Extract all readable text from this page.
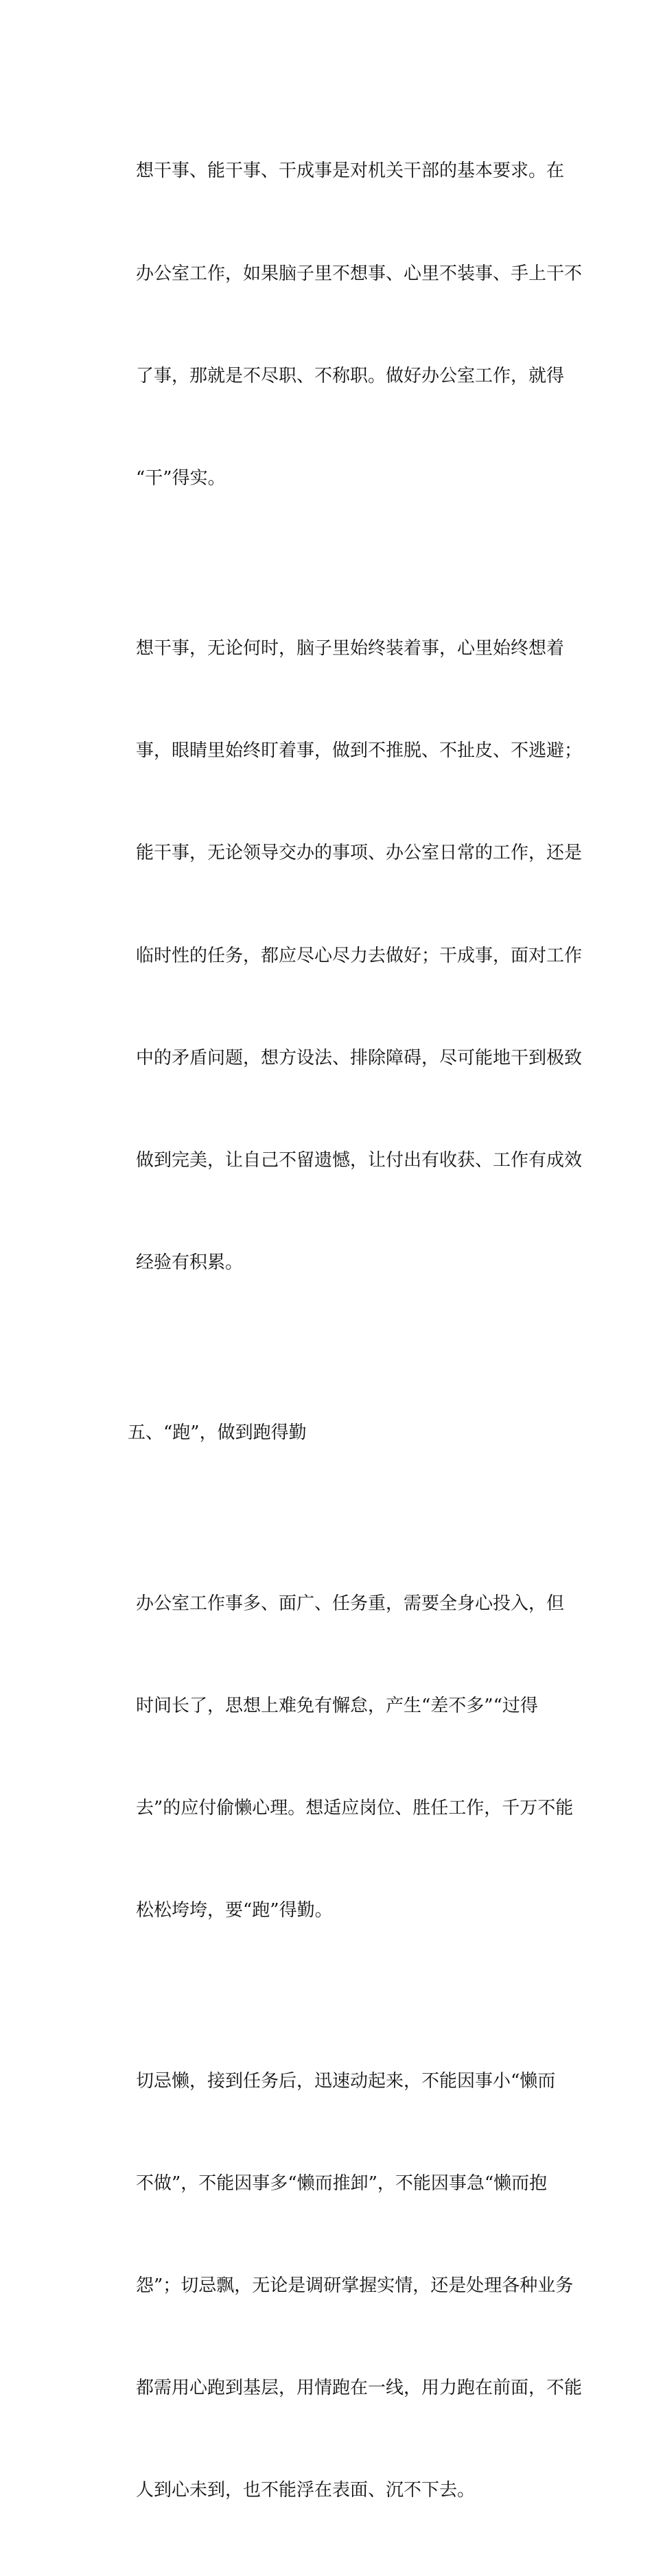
想干事、能干事、干成事是对机关干部的基本要求。在

办公室工作，如果脑子里不想事、心里不装事、手上干不

了事，那就是不尽职、不称职。做好办公室工作，就得

“干”得实。

想干事，无论何时，脑子里始终装着事，心里始终想着

事，眼睛里始终盯着事，做到不推脱、不扯皮、不逃避；

能干事，无论领导交办的事项、办公室日常的工作，还是

临时性的任务，都应尽心尽力去做好；干成事，面对工作

中的矛盾问题，想方设法、排除障碍，尽可能地干到极致

做到完美，让自己不留遗憾，让付出有收获、工作有成效

经验有积累。

五、“跑”，做到跑得勤

办公室工作事多、面广、任务重，需要全身心投入，但

时间长了，思想上难免有懈怠，产生“差不多”“过得

去”的应付偷懒心理。想适应岗位、胜任工作，千万不能

松松垮垮，要“跑”得勤。

切忌懒，接到任务后，迅速动起来，不能因事小“懒而

不做”，不能因事多“懒而推卸”，不能因事急“懒而抱

怨”；切忌飘，无论是调研掌握实情，还是处理各种业务

都需用心跑到基层，用情跑在一线，用力跑在前面，不能

人到心未到，也不能浮在表面、沉不下去。
